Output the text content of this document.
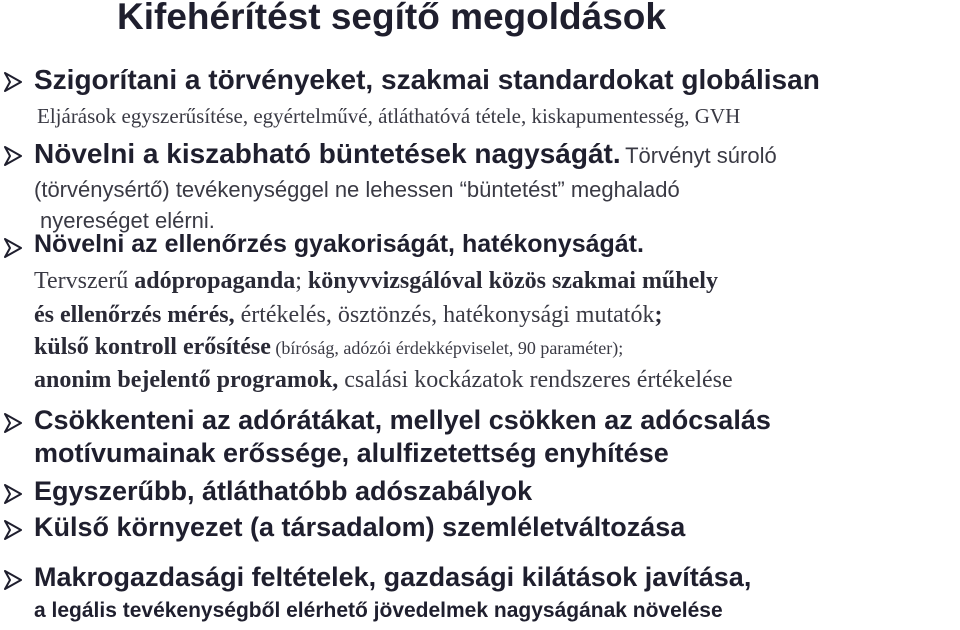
Kifehérítést segítő megoldások
Szigorítani a törvényeket, szakmai standardokat globálisan
Eljárások egyszerűsítése, egyértelművé, átláthatóvá tétele, kiskapumentesség, GVH
Növelni a kiszabható büntetések nagyságát. Törvényt súroló
(törvénysértő) tevékenységgel ne lehessen “büntetést” meghaladó
nyereséget elérni.
Növelni az ellenőrzés gyakoriságát, hatékonyságát.
Tervszerű adópropaganda; könyvvizsgálóval közös szakmai műhely
és ellenőrzés mérés, értékelés, ösztönzés, hatékonysági mutatók;
külső kontroll erősítése (bíróság, adózói érdekképviselet, 90 paraméter);
anonim bejelentő programok, csalási kockázatok rendszeres értékelése
Csökkenteni az adórátákat, mellyel csökken az adócsalás
motívumainak erőssége, alulfizetettség enyhítése
Egyszerűbb, átláthatóbb adószabályok
Külső környezet (a társadalom) szemléletváltozása
Makrogazdasági feltételek, gazdasági kilátások javítása,
a legális tevékenységből elérhető jövedelmek nagyságának növelése
